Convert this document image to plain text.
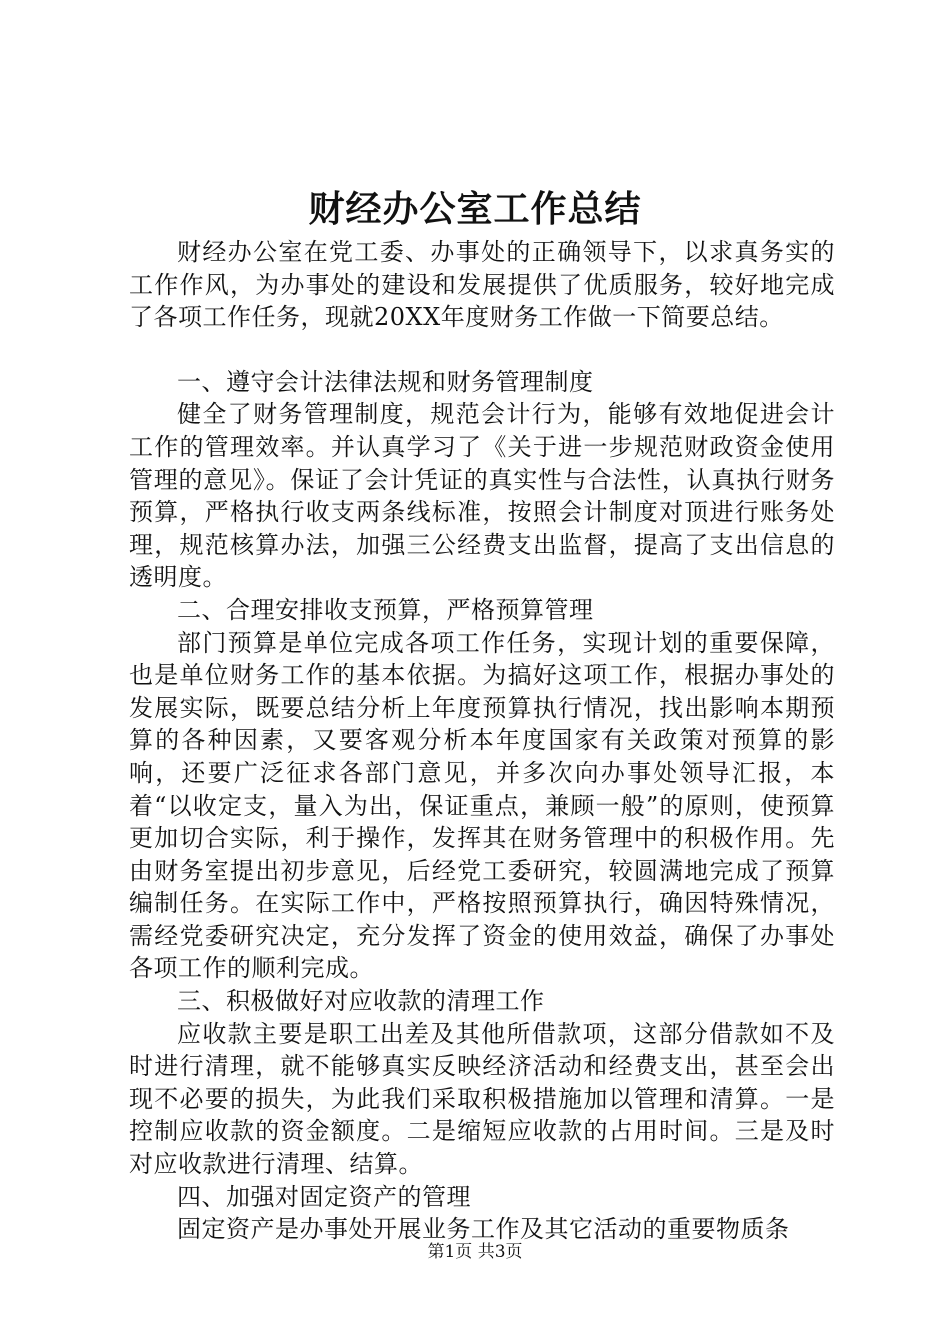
财经办公室工作总结

财经办公室在党工委、办事处的正确领导下，以求真务实的工作作风，为办事处的建设和发展提供了优质服务，较好地完成了各项工作任务，现就20XX年度财务工作做一下简要总结。

一、遵守会计法律法规和财务管理制度

健全了财务管理制度，规范会计行为，能够有效地促进会计工作的管理效率。并认真学习了《关于进一步规范财政资金使用管理的意见》。保证了会计凭证的真实性与合法性，认真执行财务预算，严格执行收支两条线标准，按照会计制度对顶进行账务处理，规范核算办法，加强三公经费支出监督，提高了支出信息的透明度。

二、合理安排收支预算，严格预算管理

部门预算是单位完成各项工作任务，实现计划的重要保障，也是单位财务工作的基本依据。为搞好这项工作，根据办事处的发展实际，既要总结分析上年度预算执行情况，找出影响本期预算的各种因素，又要客观分析本年度国家有关政策对预算的影响，还要广泛征求各部门意见，并多次向办事处领导汇报，本着“以收定支，量入为出，保证重点，兼顾一般”的原则，使预算更加切合实际，利于操作，发挥其在财务管理中的积极作用。先由财务室提出初步意见，后经党工委研究，较圆满地完成了预算编制任务。在实际工作中，严格按照预算执行，确因特殊情况，需经党委研究决定，充分发挥了资金的使用效益，确保了办事处各项工作的顺利完成。

三、积极做好对应收款的清理工作

应收款主要是职工出差及其他所借款项，这部分借款如不及时进行清理，就不能够真实反映经济活动和经费支出，甚至会出现不必要的损失，为此我们采取积极措施加以管理和清算。一是控制应收款的资金额度。二是缩短应收款的占用时间。三是及时对应收款进行清理、结算。

四、加强对固定资产的管理

固定资产是办事处开展业务工作及其它活动的重要物质条

第1页 共3页
